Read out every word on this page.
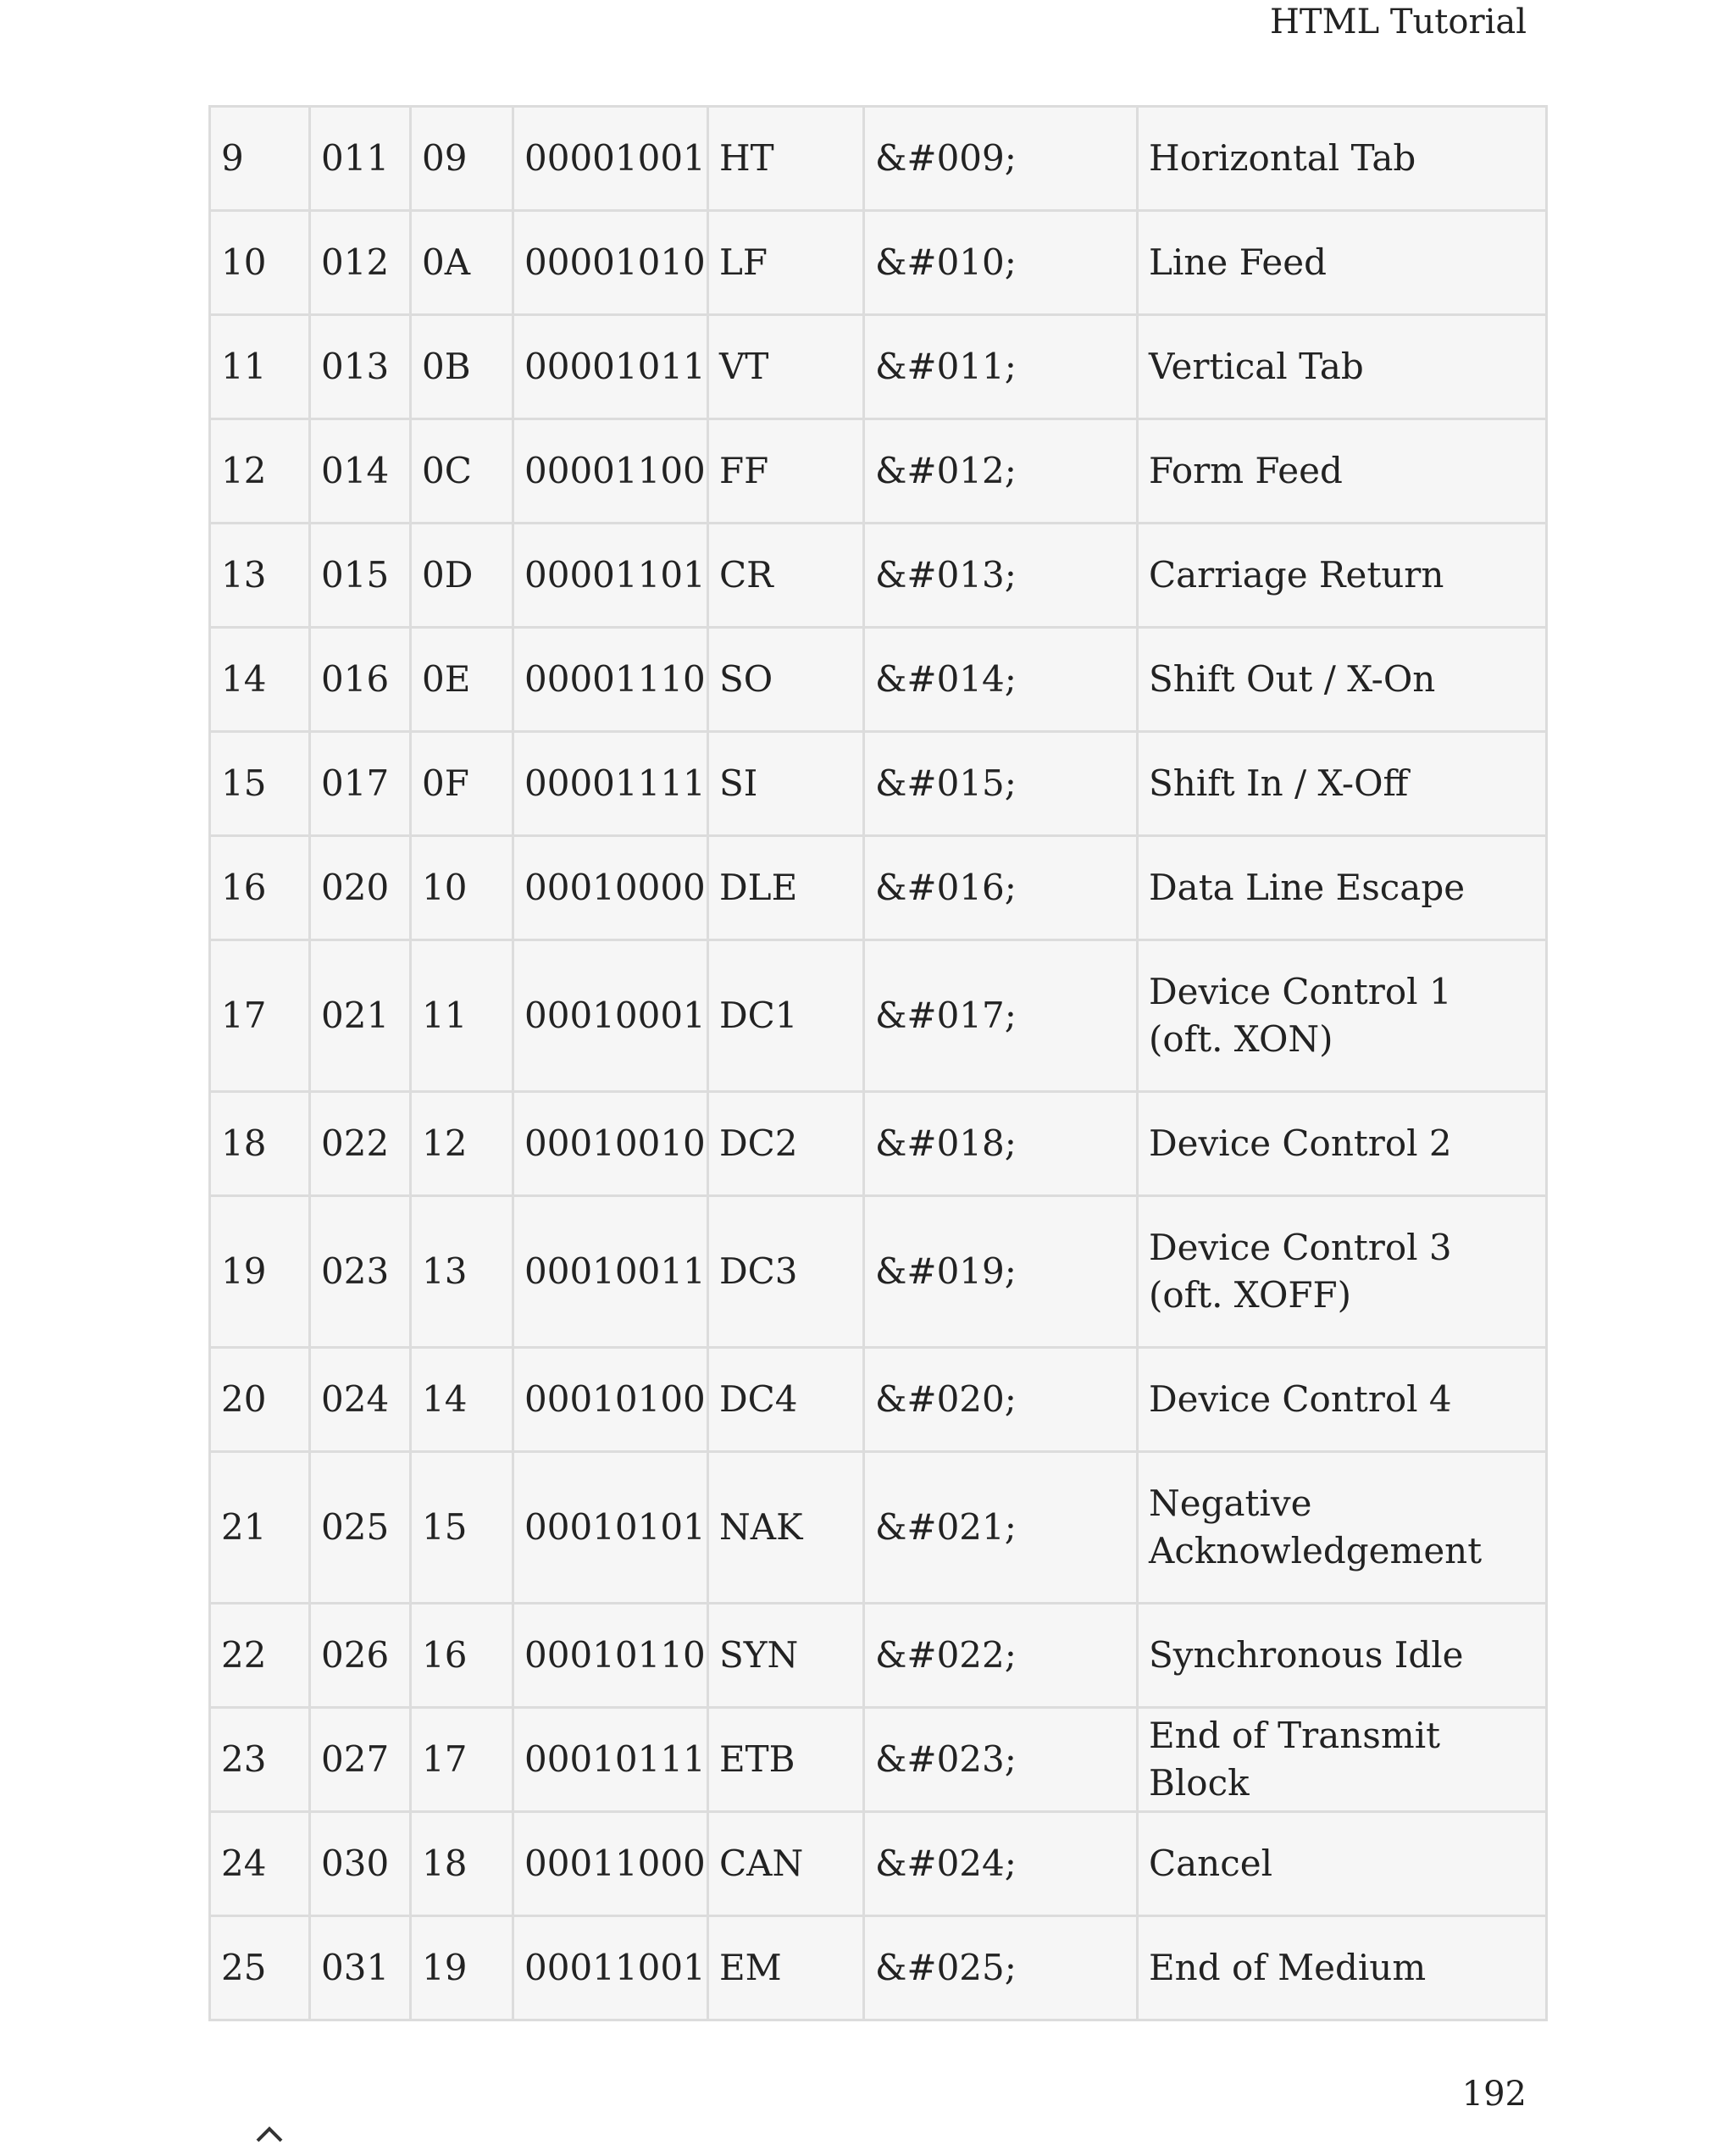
HTML Tutorial
9	011	09	00001001	HT	&#009;	Horizontal Tab
10	012	0A	00001010	LF	&#010;	Line Feed
11	013	0B	00001011	VT	&#011;	Vertical Tab
12	014	0C	00001100	FF	&#012;	Form Feed
13	015	0D	00001101	CR	&#013;	Carriage Return
14	016	0E	00001110	SO	&#014;	Shift Out / X-On
15	017	0F	00001111	SI	&#015;	Shift In / X-Off
16	020	10	00010000	DLE	&#016;	Data Line Escape
17	021	11	00010001	DC1	&#017;	Device Control 1 (oft. XON)
18	022	12	00010010	DC2	&#018;	Device Control 2
19	023	13	00010011	DC3	&#019;	Device Control 3 (oft. XOFF)
20	024	14	00010100	DC4	&#020;	Device Control 4
21	025	15	00010101	NAK	&#021;	Negative Acknowledgement
22	026	16	00010110	SYN	&#022;	Synchronous Idle
23	027	17	00010111	ETB	&#023;	End of Transmit Block
24	030	18	00011000	CAN	&#024;	Cancel
25	031	19	00011001	EM	&#025;	End of Medium
192
